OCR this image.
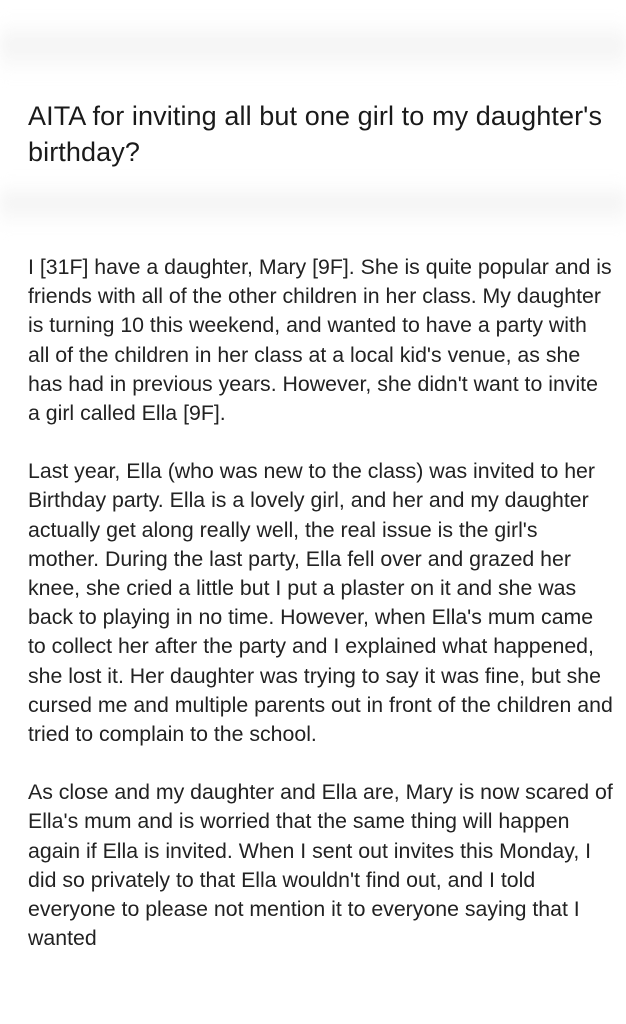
AITA for inviting all but one girl to my daughter's birthday?

I [31F] have a daughter, Mary [9F]. She is quite popular and is friends with all of the other children in her class. My daughter is turning 10 this weekend, and wanted to have a party with all of the children in her class at a local kid's venue, as she has had in previous years. However, she didn't want to invite a girl called Ella [9F].

Last year, Ella (who was new to the class) was invited to her Birthday party. Ella is a lovely girl, and her and my daughter actually get along really well, the real issue is the girl's mother. During the last party, Ella fell over and grazed her knee, she cried a little but I put a plaster on it and she was back to playing in no time. However, when Ella's mum came to collect her after the party and I explained what happened, she lost it. Her daughter was trying to say it was fine, but she cursed me and multiple parents out in front of the children and tried to complain to the school.

As close and my daughter and Ella are, Mary is now scared of Ella's mum and is worried that the same thing will happen again if Ella is invited. When I sent out invites this Monday, I did so privately to that Ella wouldn't find out, and I told everyone to please not mention it to everyone saying that I wanted
